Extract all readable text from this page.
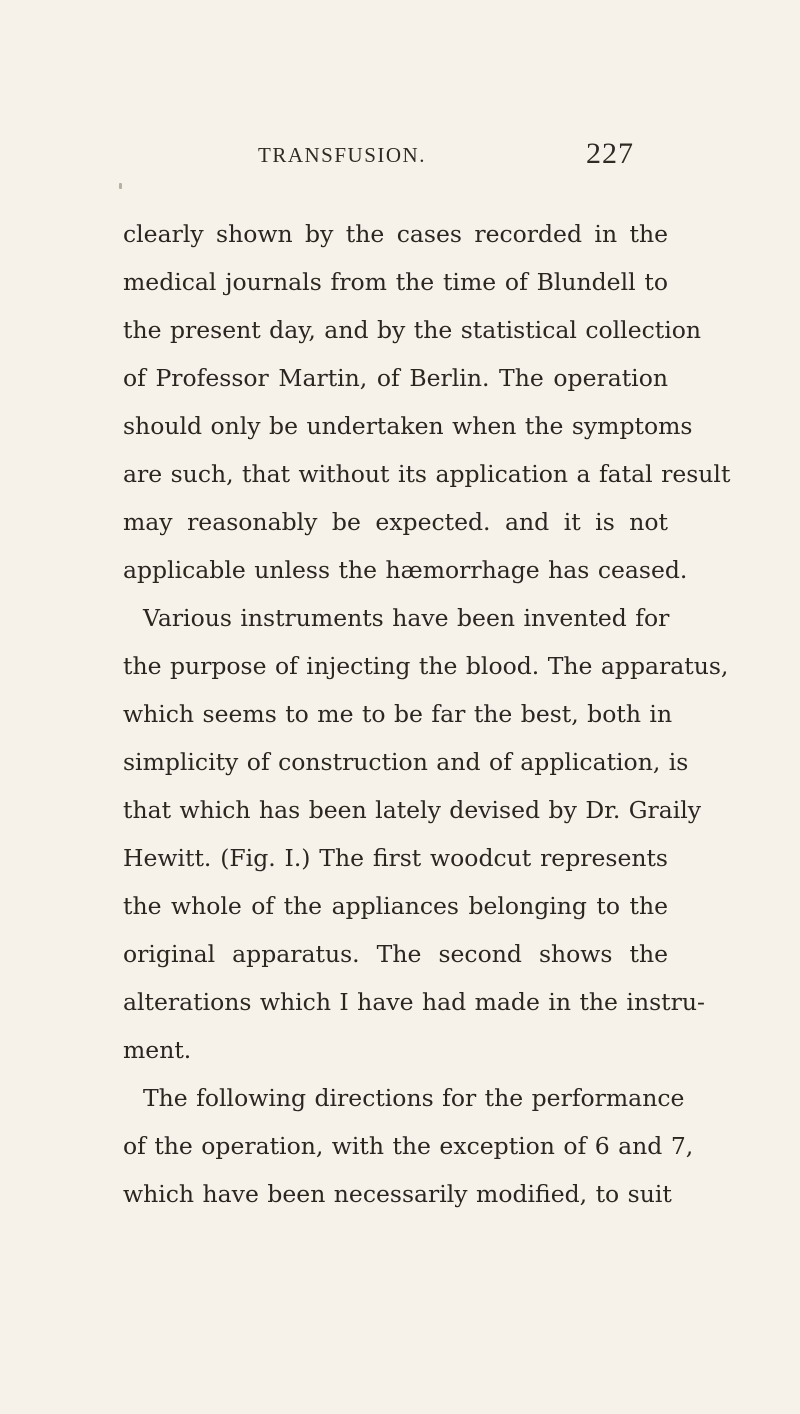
TRANSFUSION.	227
clearly shown by the cases recorded in the
medical journals from the time of Blundell to
the present day, and by the statistical collection
of Professor Martin, of Berlin. The operation
should only be undertaken when the symptoms
are such, that without its application a fatal result
may reasonably be expected. and it is not
applicable unless the hæmorrhage has ceased.
Various instruments have been invented for
the purpose of injecting the blood. The apparatus,
which seems to me to be far the best, both in
simplicity of construction and of application, is
that which has been lately devised by Dr. Graily
Hewitt. (Fig. I.) The first woodcut represents
the whole of the appliances belonging to the
original apparatus. The second shows the
alterations which I have had made in the instru-
ment.
The following directions for the performance
of the operation, with the exception of 6 and 7,
which have been necessarily modified, to suit
